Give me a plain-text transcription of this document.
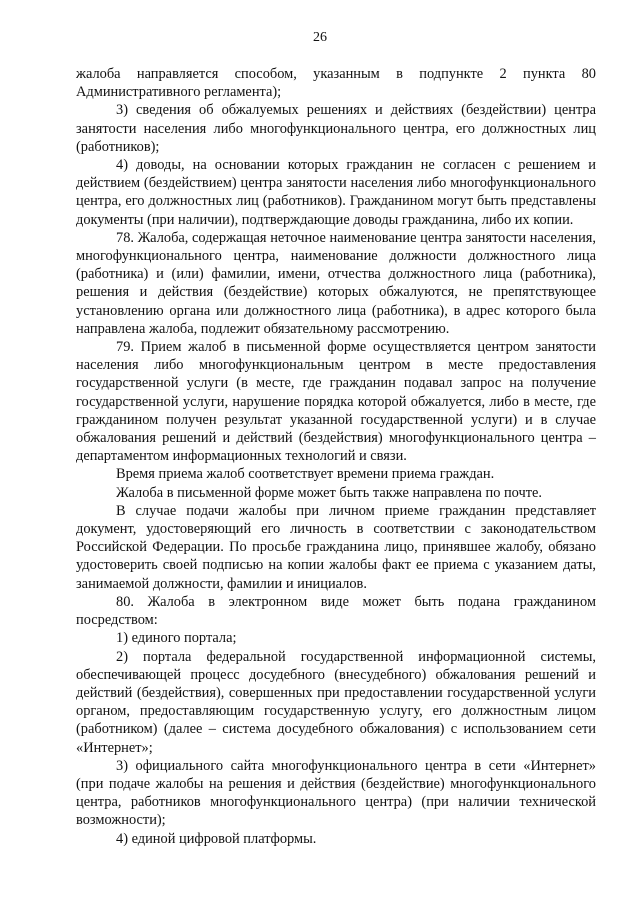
26

жалоба направляется способом, указанным в подпункте 2 пункта 80 Административного регламента);

3) сведения об обжалуемых решениях и действиях (бездействии) центра занятости населения либо многофункционального центра, его должностных лиц (работников);

4) доводы, на основании которых гражданин не согласен с решением и действием (бездействием) центра занятости населения либо многофункционального центра, его должностных лиц (работников). Гражданином могут быть представлены документы (при наличии), подтверждающие доводы гражданина, либо их копии.

78. Жалоба, содержащая неточное наименование центра занятости населения, многофункционального центра, наименование должности должностного лица (работника) и (или) фамилии, имени, отчества должностного лица (работника), решения и действия (бездействие) которых обжалуются, не препятствующее установлению органа или должностного лица (работника), в адрес которого была направлена жалоба, подлежит обязательному рассмотрению.

79. Прием жалоб в письменной форме осуществляется центром занятости населения либо многофункциональным центром в месте предоставления государственной услуги (в месте, где гражданин подавал запрос на получение государственной услуги, нарушение порядка которой обжалуется, либо в месте, где гражданином получен результат указанной государственной услуги) и в случае обжалования решений и действий (бездействия) многофункционального центра – департаментом информационных технологий и связи.

Время приема жалоб соответствует времени приема граждан.

Жалоба в письменной форме может быть также направлена по почте.

В случае подачи жалобы при личном приеме гражданин представляет документ, удостоверяющий его личность в соответствии с законодательством Российской Федерации. По просьбе гражданина лицо, принявшее жалобу, обязано удостоверить своей подписью на копии жалобы факт ее приема с указанием даты, занимаемой должности, фамилии и инициалов.

80. Жалоба в электронном виде может быть подана гражданином посредством:

1) единого портала;

2) портала федеральной государственной информационной системы, обеспечивающей процесс досудебного (внесудебного) обжалования решений и действий (бездействия), совершенных при предоставлении государственной услуги органом, предоставляющим государственную услугу, его должностным лицом (работником) (далее – система досудебного обжалования) с использованием сети «Интернет»;

3) официального сайта многофункционального центра в сети «Интернет» (при подаче жалобы на решения и действия (бездействие) многофункционального центра, работников многофункционального центра) (при наличии технической возможности);

4) единой цифровой платформы.
